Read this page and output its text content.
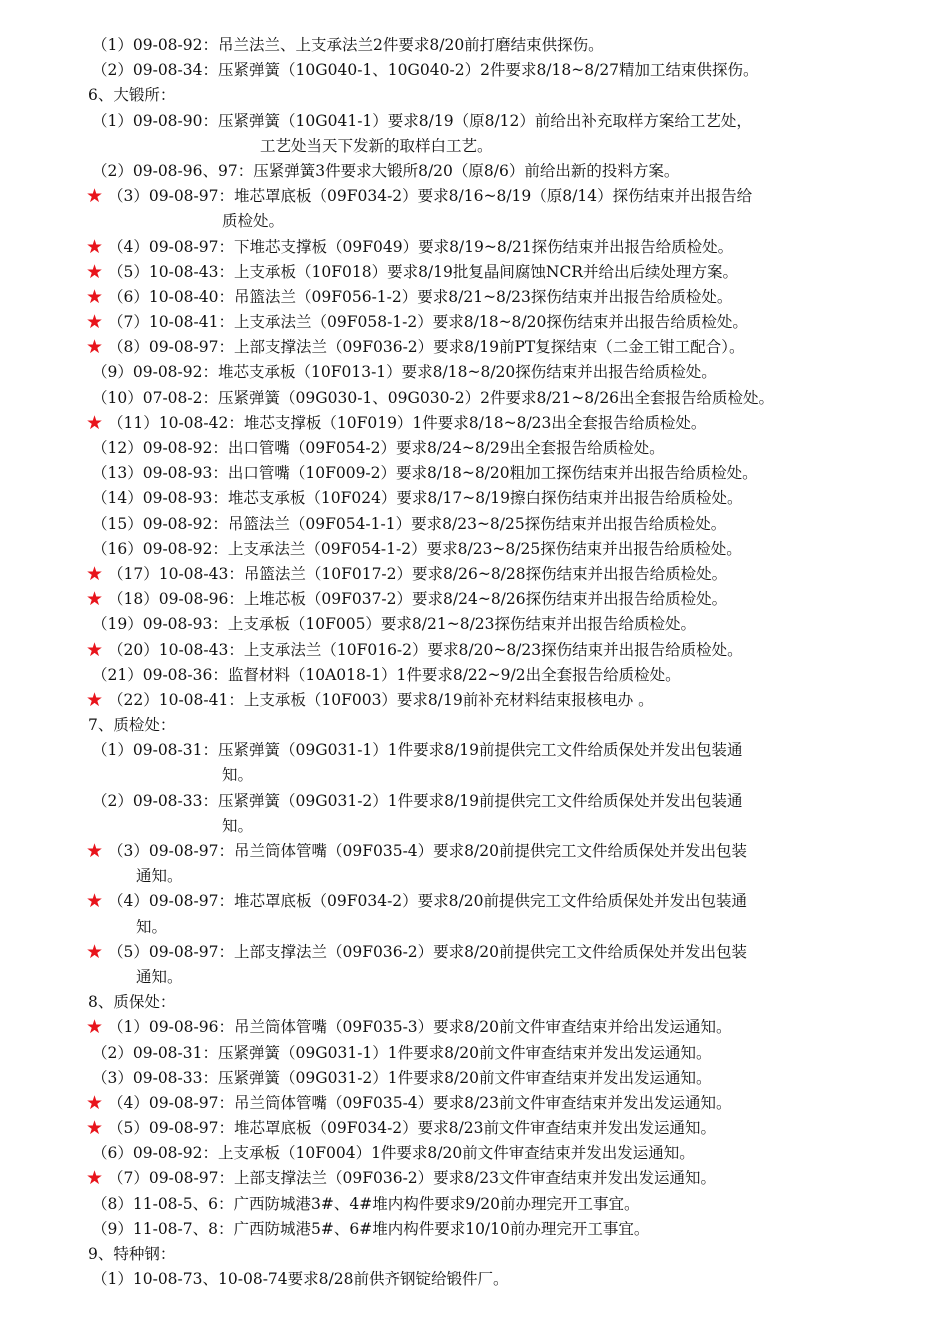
（1）09-08-92：吊兰法兰、上支承法兰2件要求8/20前打磨结束供探伤。
（2）09-08-34：压紧弹簧（10G040-1、10G040-2）2件要求8/18~8/27精加工结束供探伤。
6、大锻所：
（1）09-08-90：压紧弹簧（10G041-1）要求8/19（原8/12）前给出补充取样方案给工艺处，
工艺处当天下发新的取样白工艺。
（2）09-08-96、97：压紧弹簧3件要求大锻所8/20（原8/6）前给出新的投料方案。
★ （3）09-08-97：堆芯罩底板（09F034-2）要求8/16~8/19（原8/14）探伤结束并出报告给
质检处。
★ （4）09-08-97：下堆芯支撑板（09F049）要求8/19~8/21探伤结束并出报告给质检处。
★ （5）10-08-43：上支承板（10F018）要求8/19批复晶间腐蚀NCR并给出后续处理方案。
★ （6）10-08-40：吊篮法兰（09F056-1-2）要求8/21~8/23探伤结束并出报告给质检处。
★ （7）10-08-41：上支承法兰（09F058-1-2）要求8/18~8/20探伤结束并出报告给质检处。
★ （8）09-08-97：上部支撑法兰（09F036-2）要求8/19前PT复探结束（二金工钳工配合）。
（9）09-08-92：堆芯支承板（10F013-1）要求8/18~8/20探伤结束并出报告给质检处。
（10）07-08-2：压紧弹簧（09G030-1、09G030-2）2件要求8/21~8/26出全套报告给质检处。
★ （11）10-08-42：堆芯支撑板（10F019）1件要求8/18~8/23出全套报告给质检处。
（12）09-08-92：出口管嘴（09F054-2）要求8/24~8/29出全套报告给质检处。
（13）09-08-93：出口管嘴（10F009-2）要求8/18~8/20粗加工探伤结束并出报告给质检处。
（14）09-08-93：堆芯支承板（10F024）要求8/17~8/19擦白探伤结束并出报告给质检处。
（15）09-08-92：吊篮法兰（09F054-1-1）要求8/23~8/25探伤结束并出报告给质检处。
（16）09-08-92：上支承法兰（09F054-1-2）要求8/23~8/25探伤结束并出报告给质检处。
★ （17）10-08-43：吊篮法兰（10F017-2）要求8/26~8/28探伤结束并出报告给质检处。
★ （18）09-08-96：上堆芯板（09F037-2）要求8/24~8/26探伤结束并出报告给质检处。
（19）09-08-93：上支承板（10F005）要求8/21~8/23探伤结束并出报告给质检处。
★ （20）10-08-43：上支承法兰（10F016-2）要求8/20~8/23探伤结束并出报告给质检处。
（21）09-08-36：监督材料（10A018-1）1件要求8/22~9/2出全套报告给质检处。
★ （22）10-08-41：上支承板（10F003）要求8/19前补充材料结束报核电办 。
7、质检处：
（1）09-08-31：压紧弹簧（09G031-1）1件要求8/19前提供完工文件给质保处并发出包装通
知。
（2）09-08-33：压紧弹簧（09G031-2）1件要求8/19前提供完工文件给质保处并发出包装通
知。
★ （3）09-08-97：吊兰筒体管嘴（09F035-4）要求8/20前提供完工文件给质保处并发出包装
通知。
★ （4）09-08-97：堆芯罩底板（09F034-2）要求8/20前提供完工文件给质保处并发出包装通
知。
★ （5）09-08-97：上部支撑法兰（09F036-2）要求8/20前提供完工文件给质保处并发出包装
通知。
8、质保处：
★ （1）09-08-96：吊兰筒体管嘴（09F035-3）要求8/20前文件审查结束并给出发运通知。
（2）09-08-31：压紧弹簧（09G031-1）1件要求8/20前文件审查结束并发出发运通知。
（3）09-08-33：压紧弹簧（09G031-2）1件要求8/20前文件审查结束并发出发运通知。
★ （4）09-08-97：吊兰筒体管嘴（09F035-4）要求8/23前文件审查结束并发出发运通知。
★ （5）09-08-97：堆芯罩底板（09F034-2）要求8/23前文件审查结束并发出发运通知。
（6）09-08-92：上支承板（10F004）1件要求8/20前文件审查结束并发出发运通知。
★ （7）09-08-97：上部支撑法兰（09F036-2）要求8/23文件审查结束并发出发运通知。
（8）11-08-5、6：广西防城港3#、4#堆内构件要求9/20前办理完开工事宜。
（9）11-08-7、8：广西防城港5#、6#堆内构件要求10/10前办理完开工事宜。
9、特种钢：
（1）10-08-73、10-08-74要求8/28前供齐钢锭给锻件厂。
